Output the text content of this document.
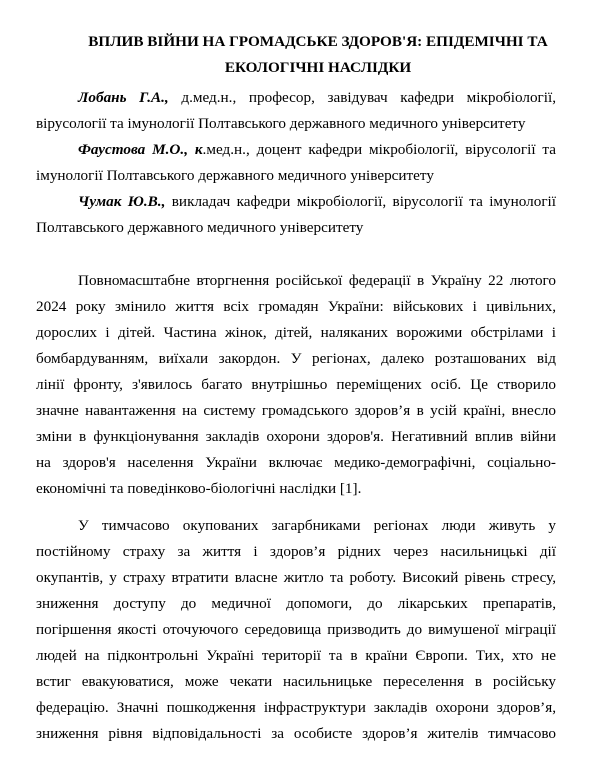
ВПЛИВ ВІЙНИ НА ГРОМАДСЬКЕ ЗДОРОВ'Я: ЕПІДЕМІЧНІ ТА
ЕКОЛОГІЧНІ НАСЛІДКИ
Лобань Г.А., д.мед.н., професор, завідувач кафедри мікробіології,
вірусології та імунології Полтавського державного медичного університету
Фаустова М.О., к.мед.н., доцент кафедри мікробіології, вірусології та
імунології Полтавського державного медичного університету
Чумак Ю.В., викладач кафедри мікробіології, вірусології та імунології
Полтавського державного медичного університету
Повномасштабне вторгнення російської федерації в Україну 22 лютого
2024 року змінило життя всіх громадян України: військових і цивільних,
дорослих і дітей. Частина жінок, дітей, наляканих ворожими обстрілами і
бомбардуванням, виїхали закордон. У регіонах, далеко розташованих від
лінії фронту, з'явилось багато внутрішньо переміщених осіб. Це створило
значне навантаження на систему громадського здоров’я в усій країні, внесло
зміни в функціонування закладів охорони здоров'я. Негативний вплив війни
на здоров'я населення України включає медико-демографічні, соціально-
економічні та поведінково-біологічні наслідки [1].
У тимчасово окупованих загарбниками регіонах люди живуть у
постійному страху за життя і здоров’я рідних через насильницькі дії
окупантів, у страху втратити власне житло та роботу. Високий рівень стресу,
зниження доступу до медичної допомоги, до лікарських препаратів,
погіршення якості оточуючого середовища призводить до вимушеної міграції
людей на підконтрольні Україні території та в країни Європи. Тих, хто не
встиг евакуюватися, може чекати насильницьке переселення в російську
федерацію. Значні пошкодження інфраструктури закладів охорони здоров’я,
зниження рівня відповідальності за особисте здоров’я жителів тимчасово
